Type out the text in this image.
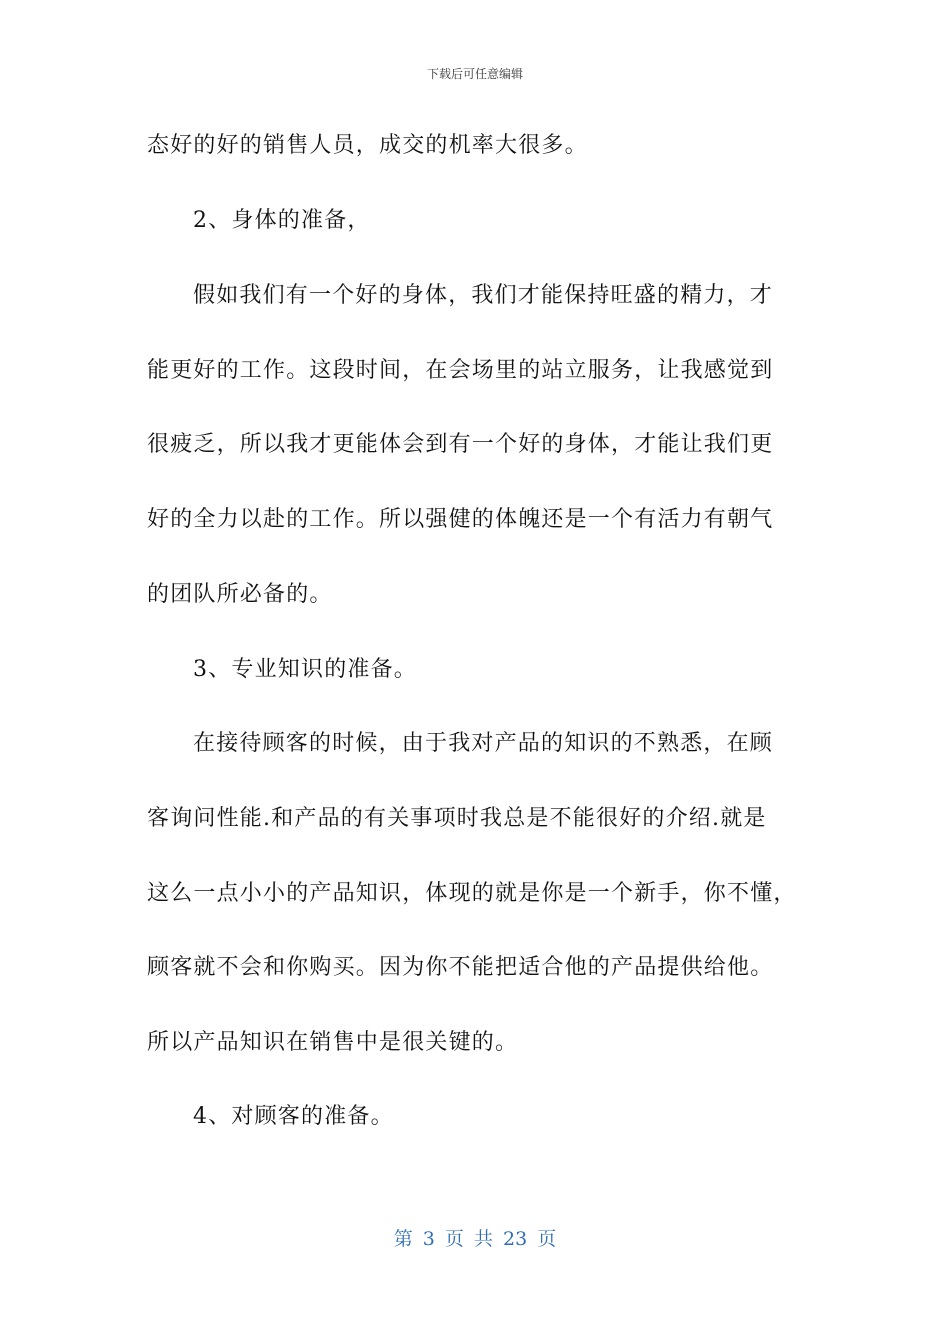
下载后可任意编辑
态好的好的销售人员，成交的机率大很多。
2、身体的准备，
假如我们有一个好的身体，我们才能保持旺盛的精力，才
能更好的工作。这段时间，在会场里的站立服务，让我感觉到
很疲乏，所以我才更能体会到有一个好的身体，才能让我们更
好的全力以赴的工作。所以强健的体魄还是一个有活力有朝气
的团队所必备的。
3、专业知识的准备。
在接待顾客的时候，由于我对产品的知识的不熟悉，在顾
客询问性能.和产品的有关事项时我总是不能很好的介绍.就是
这么一点小小的产品知识，体现的就是你是一个新手，你不懂，
顾客就不会和你购买。因为你不能把适合他的产品提供给他。
所以产品知识在销售中是很关键的。
4、对顾客的准备。
第 3 页 共 23 页
